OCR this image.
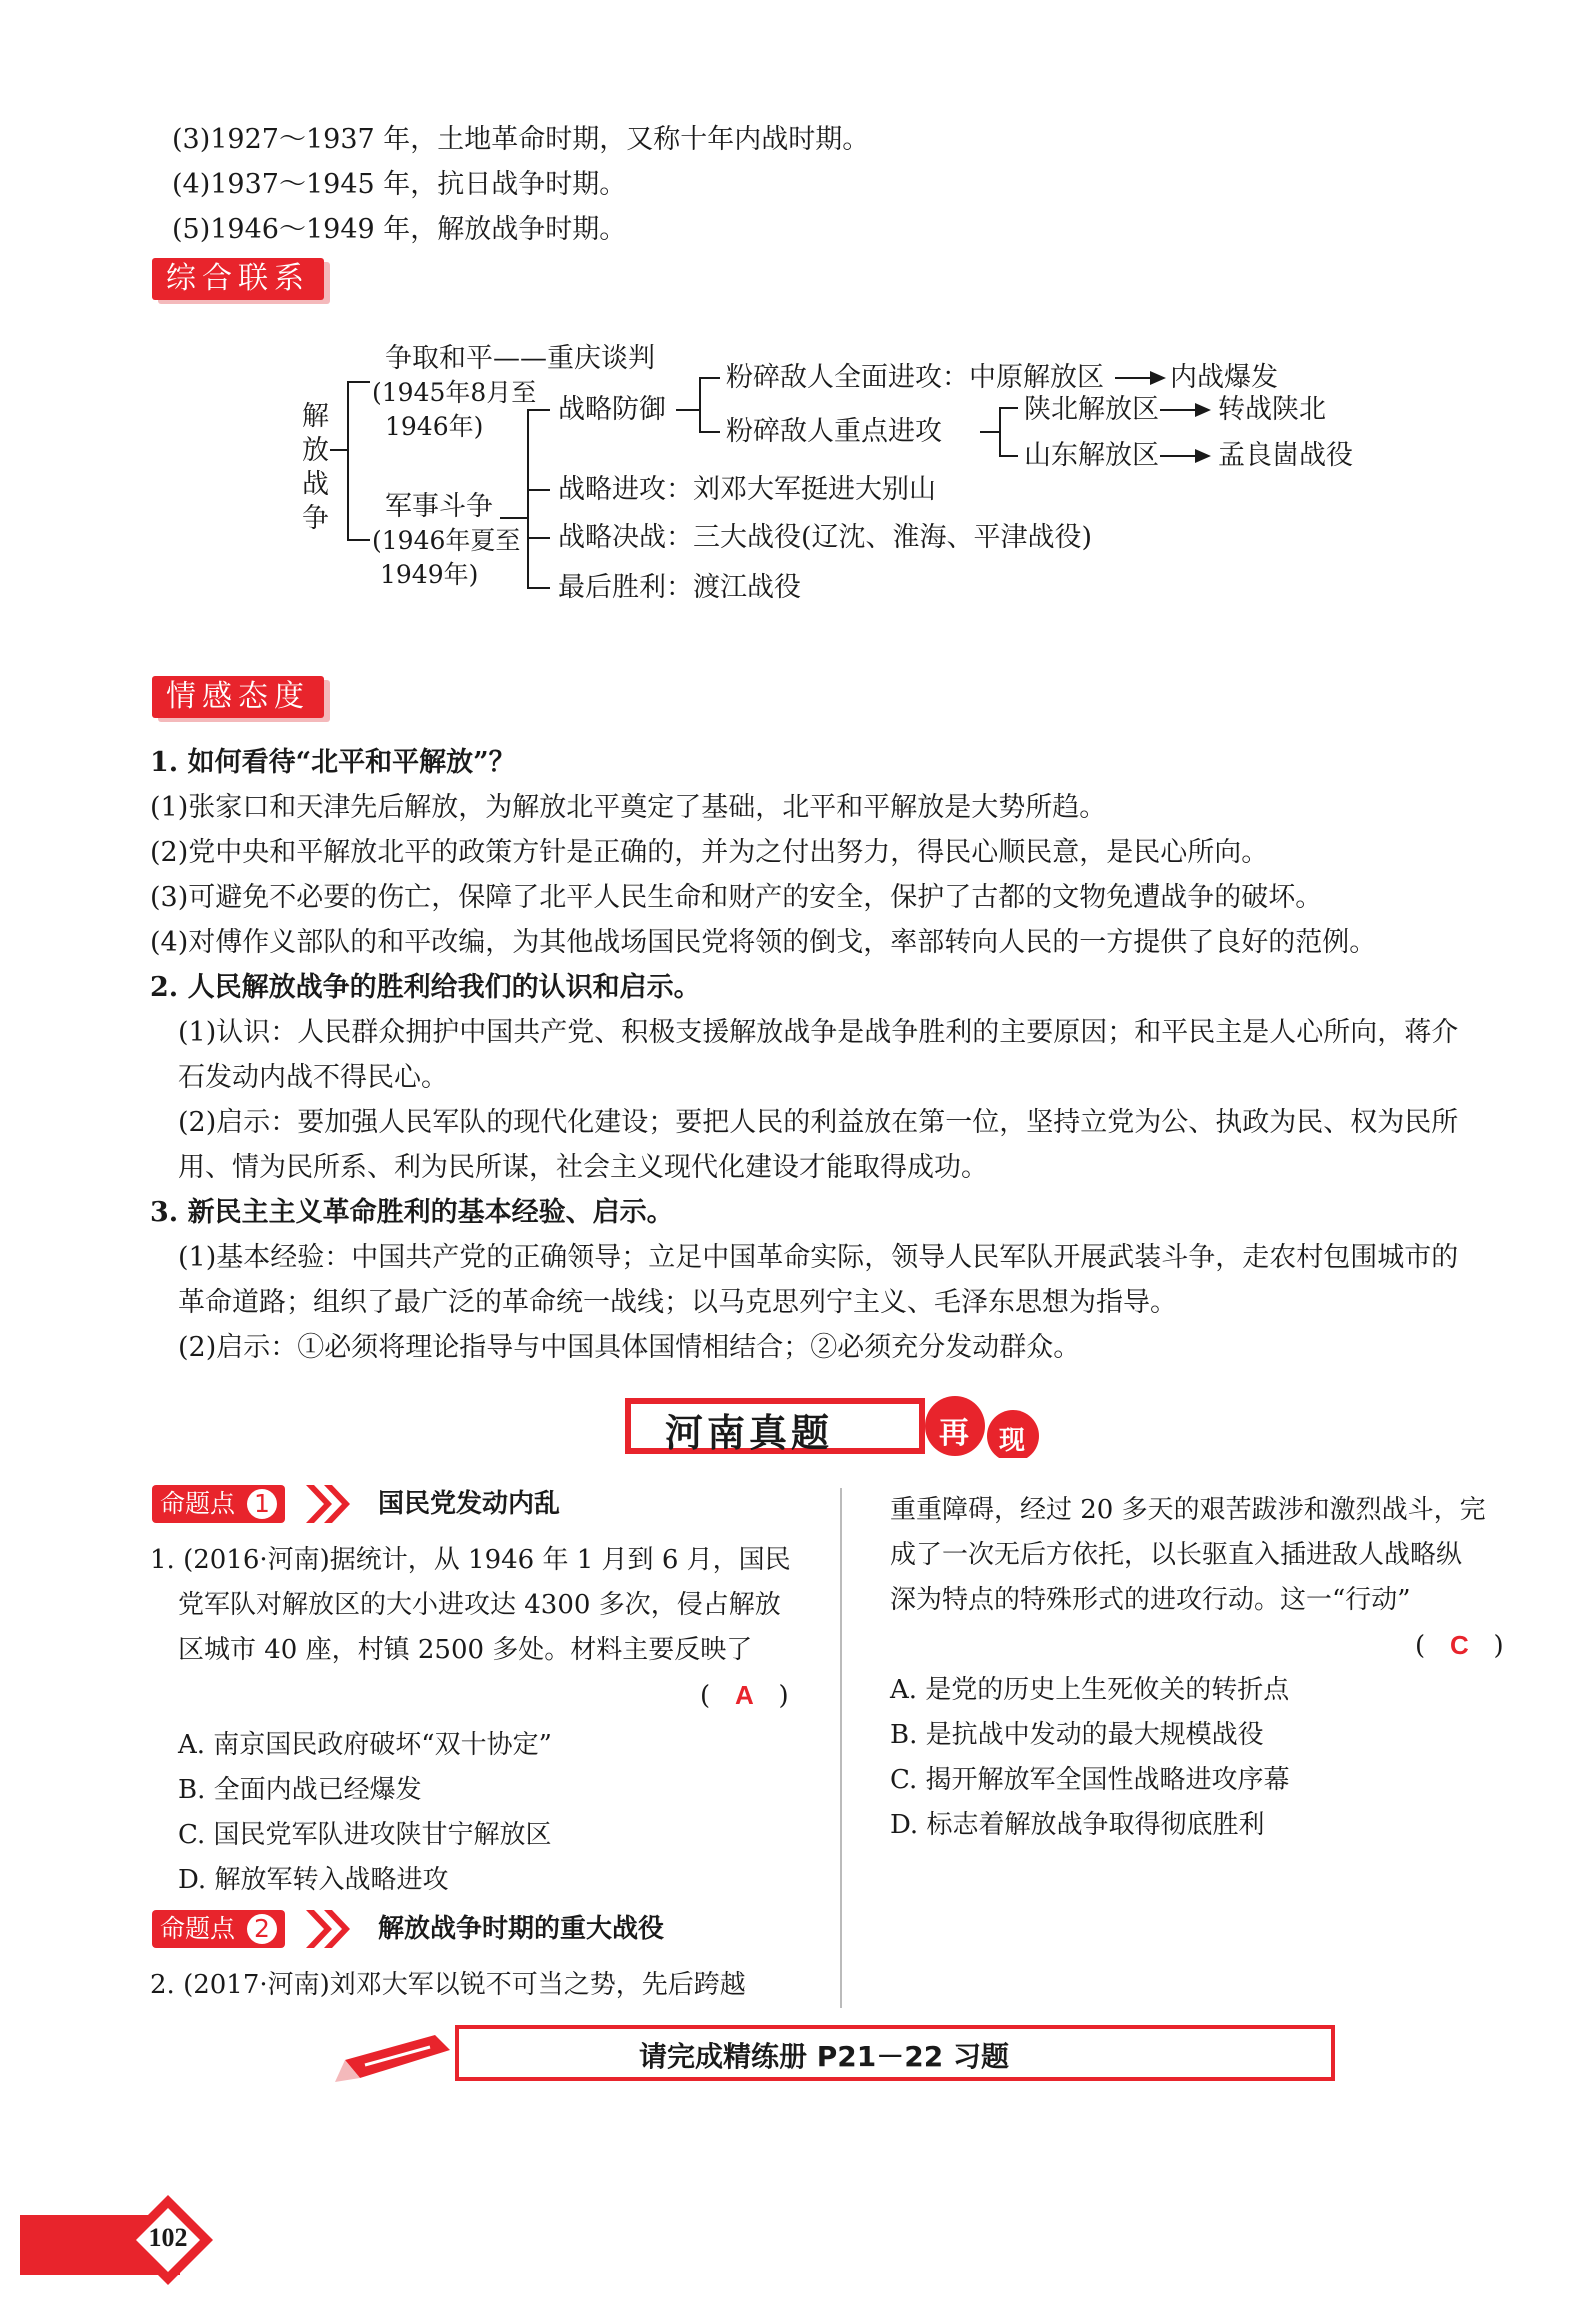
(3)1927～1937 年，土地革命时期，又称十年内战时期。
(4)1937～1945 年，抗日战争时期。
(5)1946～1949 年，解放战争时期。
综合联系
解
放
战
争
争取和平——重庆谈判
(1945年8月至
1946年)
军事斗争
(1946年夏至
1949年)
战略防御
粉碎敌人全面进攻：中原解放区 内战爆发
粉碎敌人重点进攻
陕北解放区 转战陕北
山东解放区 孟良崮战役
战略进攻：刘邓大军挺进大别山
战略决战：三大战役(辽沈、淮海、平津战役)
最后胜利：渡江战役
情感态度
1. 如何看待“北平和平解放”？
(1)张家口和天津先后解放，为解放北平奠定了基础，北平和平解放是大势所趋。
(2)党中央和平解放北平的政策方针是正确的，并为之付出努力，得民心顺民意，是民心所向。
(3)可避免不必要的伤亡，保障了北平人民生命和财产的安全，保护了古都的文物免遭战争的破坏。
(4)对傅作义部队的和平改编，为其他战场国民党将领的倒戈，率部转向人民的一方提供了良好的范例。
2. 人民解放战争的胜利给我们的认识和启示。
(1)认识：人民群众拥护中国共产党、积极支援解放战争是战争胜利的主要原因；和平民主是人心所向，蒋介
石发动内战不得民心。
(2)启示：要加强人民军队的现代化建设；要把人民的利益放在第一位，坚持立党为公、执政为民、权为民所
用、情为民所系、利为民所谋，社会主义现代化建设才能取得成功。
3. 新民主主义革命胜利的基本经验、启示。
(1)基本经验：中国共产党的正确领导；立足中国革命实际，领导人民军队开展武装斗争，走农村包围城市的
革命道路；组织了最广泛的革命统一战线；以马克思列宁主义、毛泽东思想为指导。
(2)启示：①必须将理论指导与中国具体国情相结合；②必须充分发动群众。
河南真题	再 现
命题点 1	国民党发动内乱
1. (2016·河南)据统计，从 1946 年 1 月到 6 月，国民
党军队对解放区的大小进攻达 4300 多次，侵占解放
区城市 40 座，村镇 2500 多处。材料主要反映了
(   A   )
A. 南京国民政府破坏“双十协定”
B. 全面内战已经爆发
C. 国民党军队进攻陕甘宁解放区
D. 解放军转入战略进攻
命题点 2	解放战争时期的重大战役
2. (2017·河南)刘邓大军以锐不可当之势，先后跨越
重重障碍，经过 20 多天的艰苦跋涉和激烈战斗，完
成了一次无后方依托，以长驱直入插进敌人战略纵
深为特点的特殊形式的进攻行动。这一“行动”
(   C   )
A. 是党的历史上生死攸关的转折点
B. 是抗战中发动的最大规模战役
C. 揭开解放军全国性战略进攻序幕
D. 标志着解放战争取得彻底胜利
请完成精练册 P21－22 习题
102
